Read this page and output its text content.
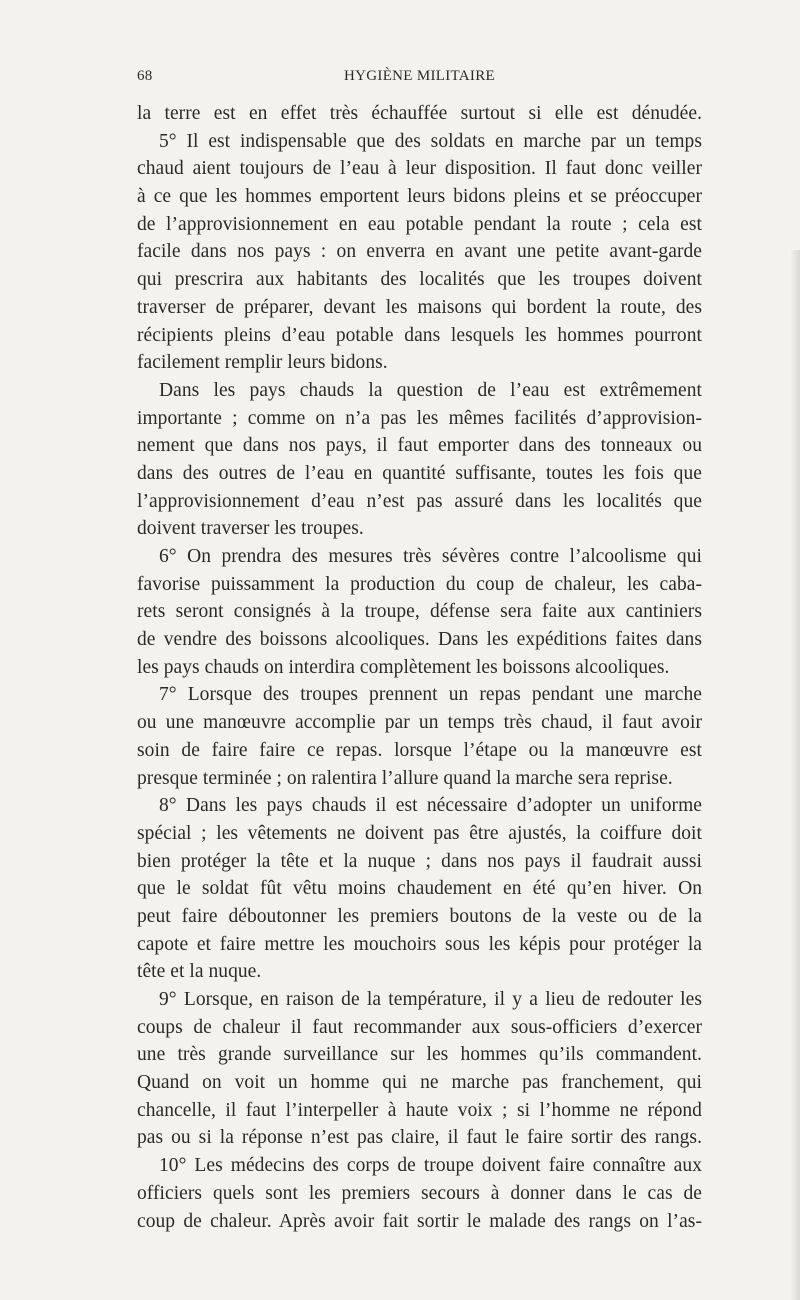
68	HYGIÈNE MILITAIRE
la terre est en effet très échauffée surtout si elle est dénudée.
5° Il est indispensable que des soldats en marche par un temps
chaud aient toujours de l’eau à leur disposition. Il faut donc veiller
à ce que les hommes emportent leurs bidons pleins et se préoccuper
de l’approvisionnement en eau potable pendant la route ; cela est
facile dans nos pays : on enverra en avant une petite avant-garde
qui prescrira aux habitants des localités que les troupes doivent
traverser de préparer, devant les maisons qui bordent la route, des
récipients pleins d’eau potable dans lesquels les hommes pourront
facilement remplir leurs bidons.
Dans les pays chauds la question de l’eau est extrêmement
importante ; comme on n’a pas les mêmes facilités d’approvision-
nement que dans nos pays, il faut emporter dans des tonneaux ou
dans des outres de l’eau en quantité suffisante, toutes les fois que
l’approvisionnement d’eau n’est pas assuré dans les localités que
doivent traverser les troupes.
6° On prendra des mesures très sévères contre l’alcoolisme qui
favorise puissamment la production du coup de chaleur, les caba-
rets seront consignés à la troupe, défense sera faite aux cantiniers
de vendre des boissons alcooliques. Dans les expéditions faites dans
les pays chauds on interdira complètement les boissons alcooliques.
7° Lorsque des troupes prennent un repas pendant une marche
ou une manœuvre accomplie par un temps très chaud, il faut avoir
soin de faire faire ce repas. lorsque l’étape ou la manœuvre est
presque terminée ; on ralentira l’allure quand la marche sera reprise.
8° Dans les pays chauds il est nécessaire d’adopter un uniforme
spécial ; les vêtements ne doivent pas être ajustés, la coiffure doit
bien protéger la tête et la nuque ; dans nos pays il faudrait aussi
que le soldat fût vêtu moins chaudement en été qu’en hiver. On
peut faire déboutonner les premiers boutons de la veste ou de la
capote et faire mettre les mouchoirs sous les képis pour protéger la
tête et la nuque.
9° Lorsque, en raison de la température, il y a lieu de redouter les
coups de chaleur il faut recommander aux sous-officiers d’exercer
une très grande surveillance sur les hommes qu’ils commandent.
Quand on voit un homme qui ne marche pas franchement, qui
chancelle, il faut l’interpeller à haute voix ; si l’homme ne répond
pas ou si la réponse n’est pas claire, il faut le faire sortir des rangs.
10° Les médecins des corps de troupe doivent faire connaître aux
officiers quels sont les premiers secours à donner dans le cas de
coup de chaleur. Après avoir fait sortir le malade des rangs on l’as-
